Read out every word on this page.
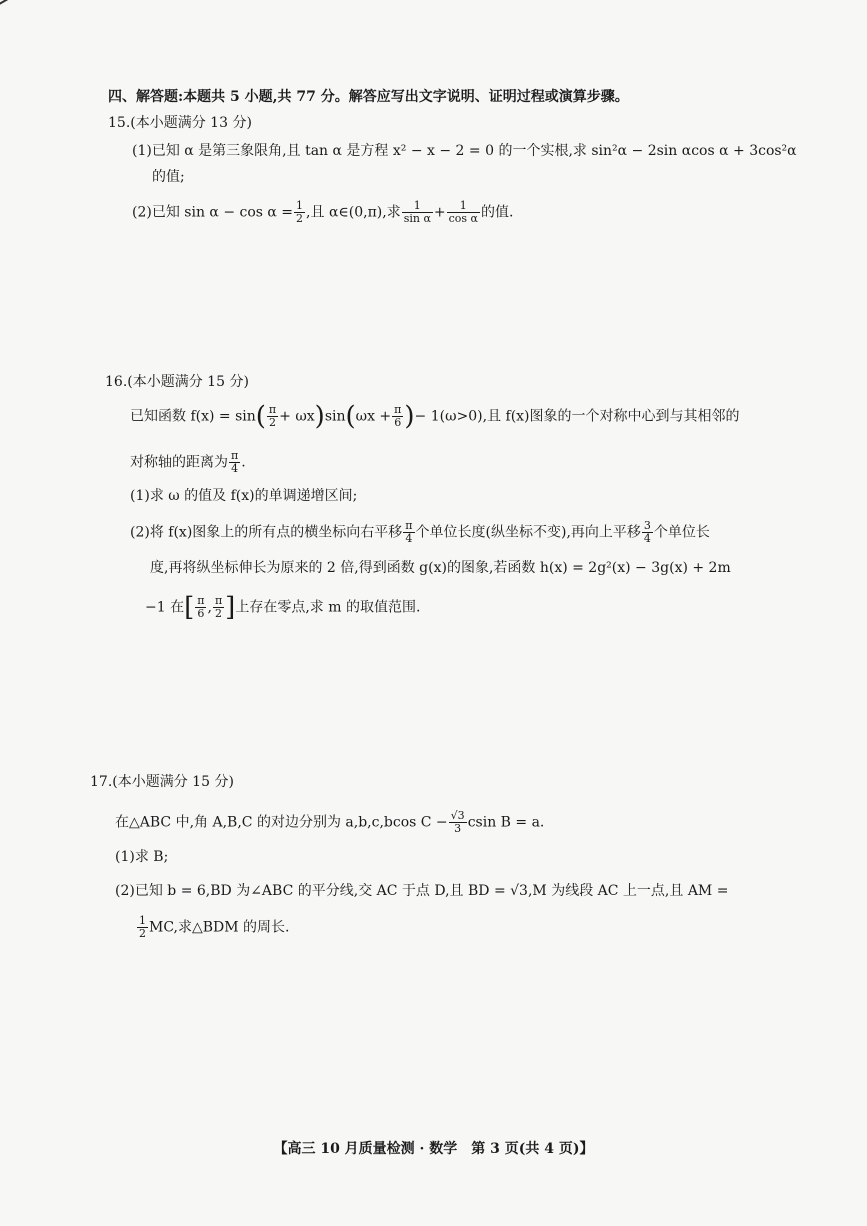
四、解答题:本题共 5 小题,共 77 分。解答应写出文字说明、证明过程或演算步骤。
15.(本小题满分 13 分)
(1)已知 α 是第三象限角,且 tan α 是方程 x² − x − 2 = 0 的一个实根,求 sin²α − 2sin αcos α + 3cos²α
的值;
(2)已知 $\sin \alpha - \cos \alpha = \frac{1}{2}$ ,且 α∈(0,π),求 $\frac{1}{\text{sin α}} + \frac{1}{\text{cos α}}$ 的值.
16.(本小题满分 15 分)
已知函数 $f(x) = \sin( \frac{\pi}{2} + \omega x)\sin(\omega x + \frac{\pi}{6}$ )− 1(ω>0),且 f(x)图象的一个对称中心到与其相邻的
对称轴的距离为 $\frac{\pi}{4}$ .
(1)求 ω 的值及 f(x)的单调递增区间;
(2)将 f(x)图象上的所有点的横坐标向右平移 $\frac{\pi}{4}$ 个单位长度(纵坐标不变),再向上平移 $\frac{3}{4}$ 个单位长
度,再将纵坐标伸长为原来的 2 倍,得到函数 g(x)的图象,若函数 h(x) = 2g²(x) − 3g(x) + 2m
−1 在[ $\frac{\pi}{6}$ , $\frac{\pi}{2}$ ]上存在零点,求 m 的取值范围.
17.(本小题满分 15 分)
在△ABC 中,角 A,B,C 的对边分别为 a,b,c,bcos $C - \frac{√3}{3}$ csin B = a.
(1)求 B;
(2)已知 b = 6,BD 为∠ABC 的平分线,交 AC 于点 D,且 BD = √3,M 为线段 AC 上一点,且 AM =
$\frac{1}{2}$ MC,求△BDM 的周长.
【高三 10 月质量检测 · 数学　第 3 页(共 4 页)】
